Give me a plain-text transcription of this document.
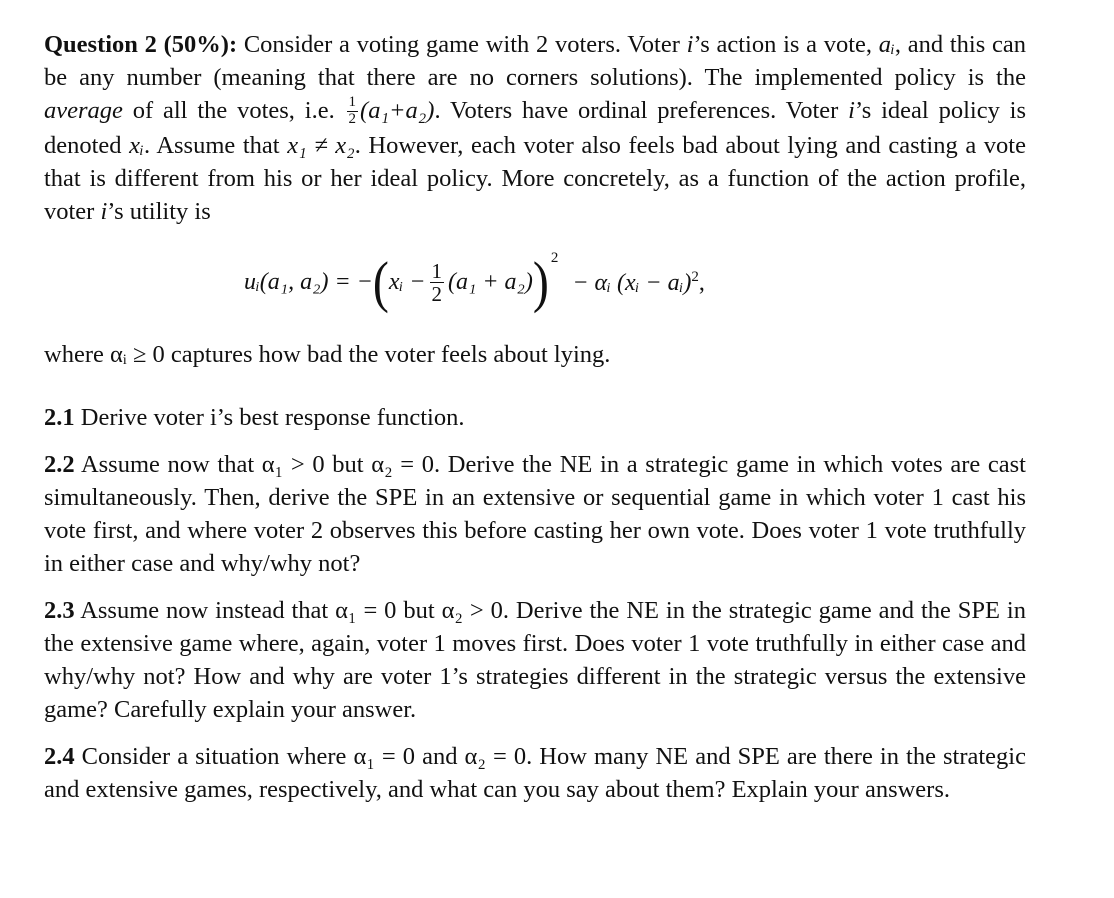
Question 2 (50%): Consider a voting game with 2 voters. Voter i’s action is a vote, aᵢ, and this can be any number (meaning that there are no corners solutions). The implemented policy is the average of all the votes, i.e. $\frac{1}{2} (a_1+a_2)$. Voters have ordinal preferences. Voter i’s ideal policy is denoted xᵢ. Assume that x₁ ≠ x₂. However, each voter also feels bad about lying and casting a vote that is different from his or her ideal policy. More concretely, as a function of the action profile, voter i’s utility is

uᵢ(a₁, a₂) = − ( xᵢ − $\frac{1}{2} (a_1 + a_2)$ ) 2
− αᵢ (xᵢ − aᵢ)$^2$,

where αᵢ ≥ 0 captures how bad the voter feels about lying.

2.1 Derive voter i’s best response function.

2.2 Assume now that α₁ > 0 but α₂ = 0. Derive the NE in a strategic game in which votes are cast simultaneously. Then, derive the SPE in an extensive or sequential game in which voter 1 cast his vote first, and where voter 2 observes this before casting her own vote. Does voter 1 vote truthfully in either case and why/why not?

2.3 Assume now instead that α₁ = 0 but α₂ > 0. Derive the NE in the strategic game and the SPE in the extensive game where, again, voter 1 moves first. Does voter 1 vote truthfully in either case and why/why not? How and why are voter 1’s strategies different in the strategic versus the extensive game? Carefully explain your answer.

2.4 Consider a situation where α₁ = 0 and α₂ = 0. How many NE and SPE are there in the strategic and extensive games, respectively, and what can you say about them? Explain your answers.
